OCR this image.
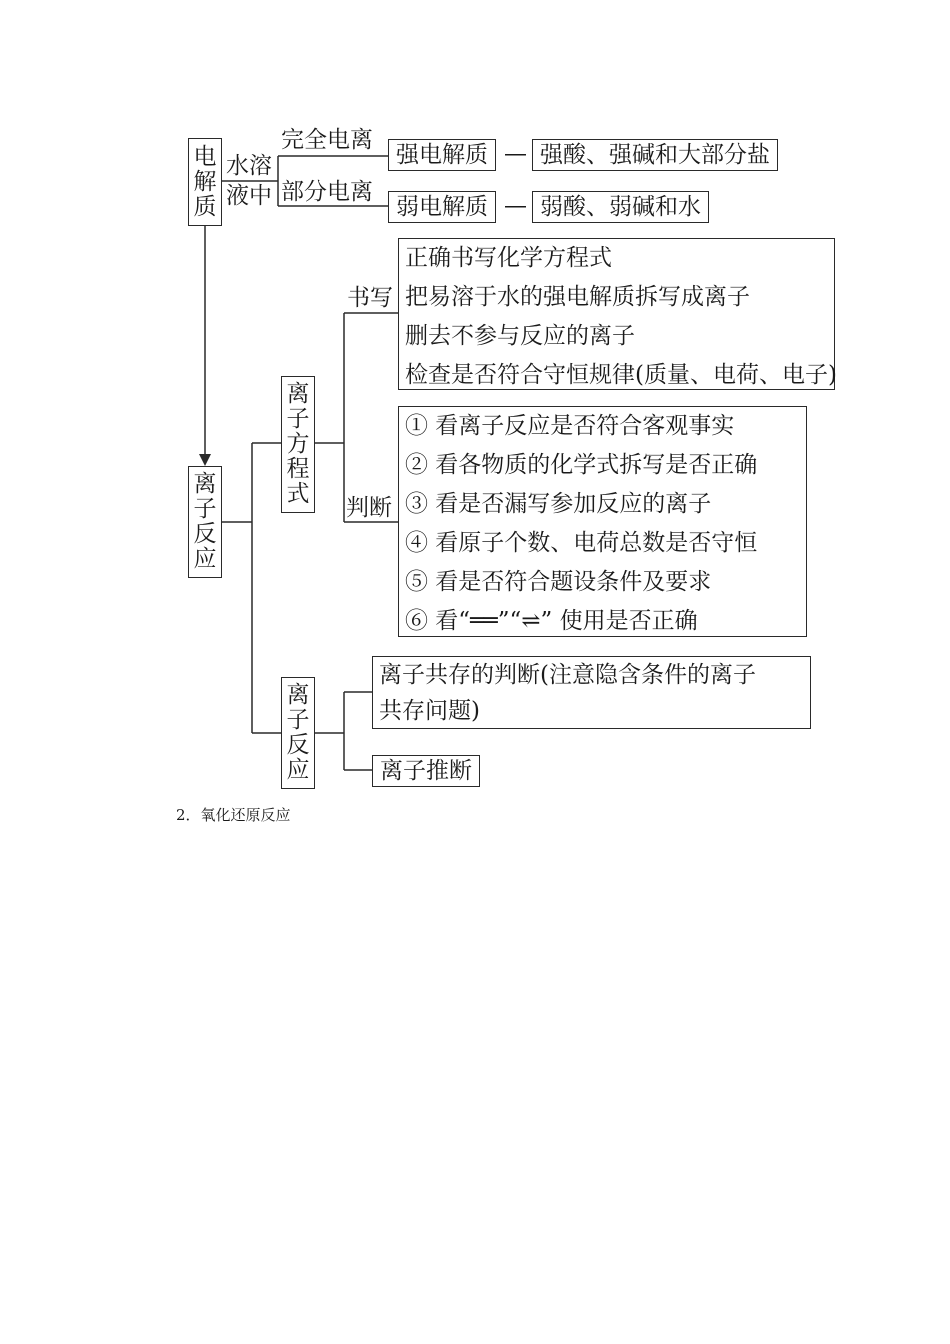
电
解
质
水溶
液中
完全电离
部分电离
强电解质
弱电解质
—
—
强酸、强碱和大部分盐
弱酸、弱碱和水
离
子
反
应
离
子
方
程
式
书写
判断
正确书写化学方程式
把易溶于水的强电解质拆写成离子
删去不参与反应的离子
检查是否符合守恒规律(质量、电荷、电子)
① 看离子反应是否符合客观事实
② 看各物质的化学式拆写是否正确
③ 看是否漏写参加反应的离子
④ 看原子个数、电荷总数是否守恒
⑤ 看是否符合题设条件及要求
⑥ 看“══”“⇌” 使用是否正确
离
子
反
应
离子共存的判断(注意隐含条件的离子
共存问题)
离子推断
2．氧化还原反应
